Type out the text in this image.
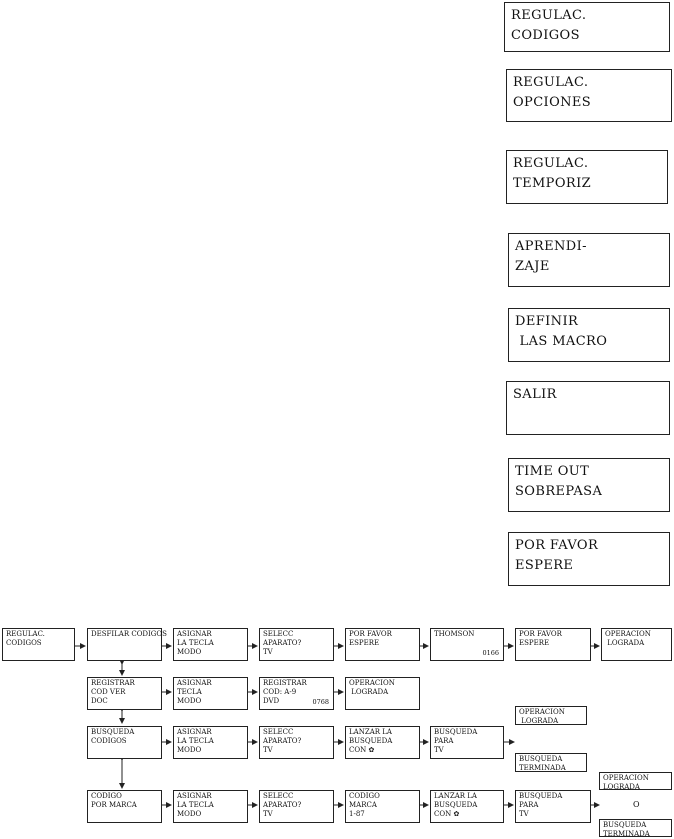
REGULAC.
CODIGOS
REGULAC.
OPCIONES
REGULAC.
TEMPORIZ
APRENDI-
ZAJE
DEFINIR
LAS MACRO
SALIR
TIME OUT
SOBREPASA
POR FAVOR
ESPERE
REGULAC.
CODIGOS
DESFILAR CODIGOS ASIGNAR
LA TECLA
MODO
SELECC
APARATO?
TV
POR FAVOR
ESPERE
THOMSON
0166
POR FAVOR
ESPERE
OPERACION
LOGRADA
REGISTRAR
COD VER
DOC
ASIGNAR
TECLA
MODO
REGISTRAR
COD: A-9
DVD	0768
OPERACION
LOGRADA
BUSQUEDA
CODIGOS
ASIGNAR
LA TECLA
MODO
SELECC
APARATO?
TV
LANZAR LA
BUSQUEDA
CON ✿
BUSQUEDA
PARA
TV
OPERACION
LOGRADA
BUSQUEDA
TERMINADA
CODIGO
POR MARCA
ASIGNAR
LA TECLA
MODO
SELECC
APARATO?
TV
CODIGO
MARCA
1-87
LANZAR LA
BUSQUEDA
CON ✿
BUSQUEDA
PARA
TV
OPERACION
LOGRADA
O
BUSQUEDA
TERMINADA
